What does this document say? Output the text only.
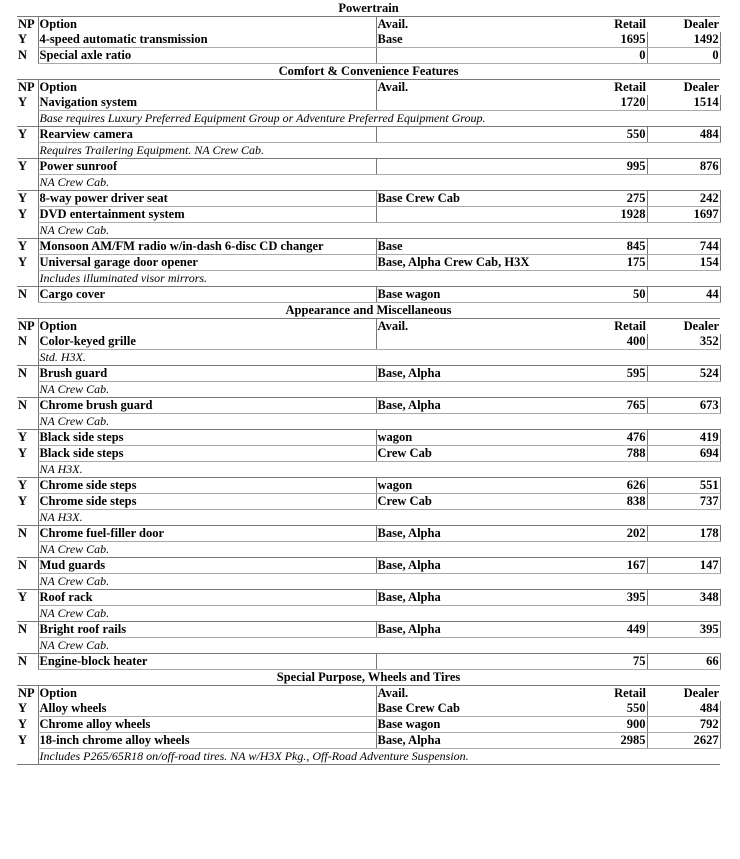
Powertrain				
NP	Option	Avail.	Retail	Dealer
Y	4-speed automatic transmission	Base	1695	1492
N	Special axle ratio		0	0
Comfort & Convenience Features				
NP	Option	Avail.	Retail	Dealer
Y	Navigation system		1720	1514
	Base requires Luxury Preferred Equipment Group or Adventure Preferred Equipment Group.			
Y	Rearview camera		550	484
	Requires Trailering Equipment. NA Crew Cab.			
Y	Power sunroof		995	876
	NA Crew Cab.			
Y	8-way power driver seat	Base Crew Cab	275	242
Y	DVD entertainment system		1928	1697
	NA Crew Cab.			
Y	Monsoon AM/FM radio w/in-dash 6-disc CD changer	Base	845	744
Y	Universal garage door opener	Base, Alpha Crew Cab, H3X	175	154
	Includes illuminated visor mirrors.			
N	Cargo cover	Base wagon	50	44
Appearance and Miscellaneous				
NP	Option	Avail.	Retail	Dealer
N	Color-keyed grille		400	352
	Std. H3X.			
N	Brush guard	Base, Alpha	595	524
	NA Crew Cab.			
N	Chrome brush guard	Base, Alpha	765	673
	NA Crew Cab.			
Y	Black side steps	wagon	476	419
Y	Black side steps	Crew Cab	788	694
	NA H3X.			
Y	Chrome side steps	wagon	626	551
Y	Chrome side steps	Crew Cab	838	737
	NA H3X.			
N	Chrome fuel-filler door	Base, Alpha	202	178
	NA Crew Cab.			
N	Mud guards	Base, Alpha	167	147
	NA Crew Cab.			
Y	Roof rack	Base, Alpha	395	348
	NA Crew Cab.			
N	Bright roof rails	Base, Alpha	449	395
	NA Crew Cab.			
N	Engine-block heater		75	66
Special Purpose, Wheels and Tires				
NP	Option	Avail.	Retail	Dealer
Y	Alloy wheels	Base Crew Cab	550	484
Y	Chrome alloy wheels	Base wagon	900	792
Y	18-inch chrome alloy wheels	Base, Alpha	2985	2627
	Includes P265/65R18 on/off-road tires. NA w/H3X Pkg., Off-Road Adventure Suspension.			
